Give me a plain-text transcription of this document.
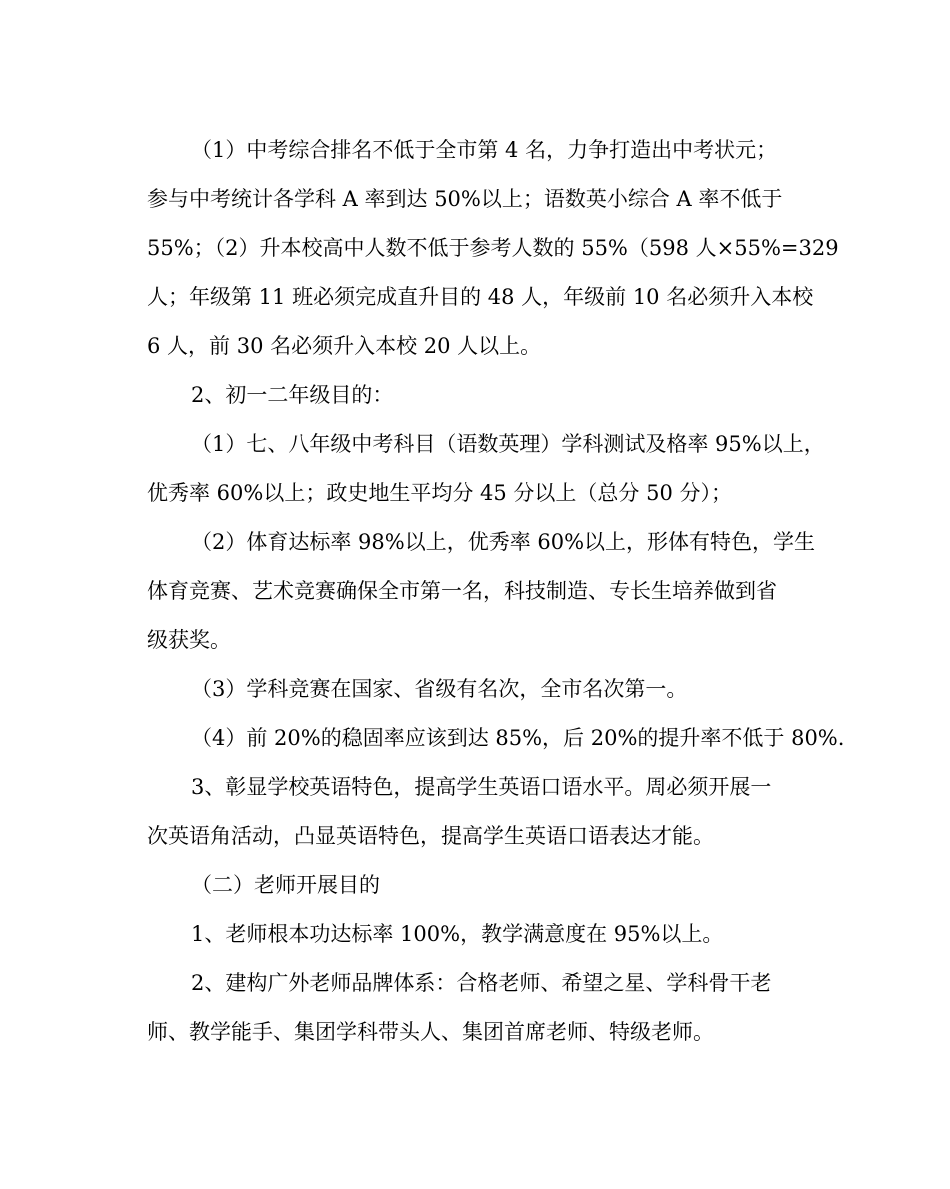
（1）中考综合排名不低于全市第 4 名，力争打造出中考状元；
参与中考统计各学科 A 率到达 50%以上；语数英小综合 A 率不低于
55%；（2）升本校高中人数不低于参考人数的 55%（598 人×55%=329
人；年级第 11 班必须完成直升目的 48 人，年级前 10 名必须升入本校
6 人，前 30 名必须升入本校 20 人以上。
2、初一二年级目的：
（1）七、八年级中考科目（语数英理）学科测试及格率 95%以上，
优秀率 60%以上；政史地生平均分 45 分以上（总分 50 分）；
（2）体育达标率 98%以上，优秀率 60%以上，形体有特色，学生
体育竞赛、艺术竞赛确保全市第一名，科技制造、专长生培养做到省
级获奖。
（3）学科竞赛在国家、省级有名次，全市名次第一。
（4）前 20%的稳固率应该到达 85%，后 20%的提升率不低于 80%.
3、彰显学校英语特色，提高学生英语口语水平。周必须开展一
次英语角活动，凸显英语特色，提高学生英语口语表达才能。
（二）老师开展目的
1、老师根本功达标率 100%，教学满意度在 95%以上。
2、建构广外老师品牌体系：合格老师、希望之星、学科骨干老
师、教学能手、集团学科带头人、集团首席老师、特级老师。
